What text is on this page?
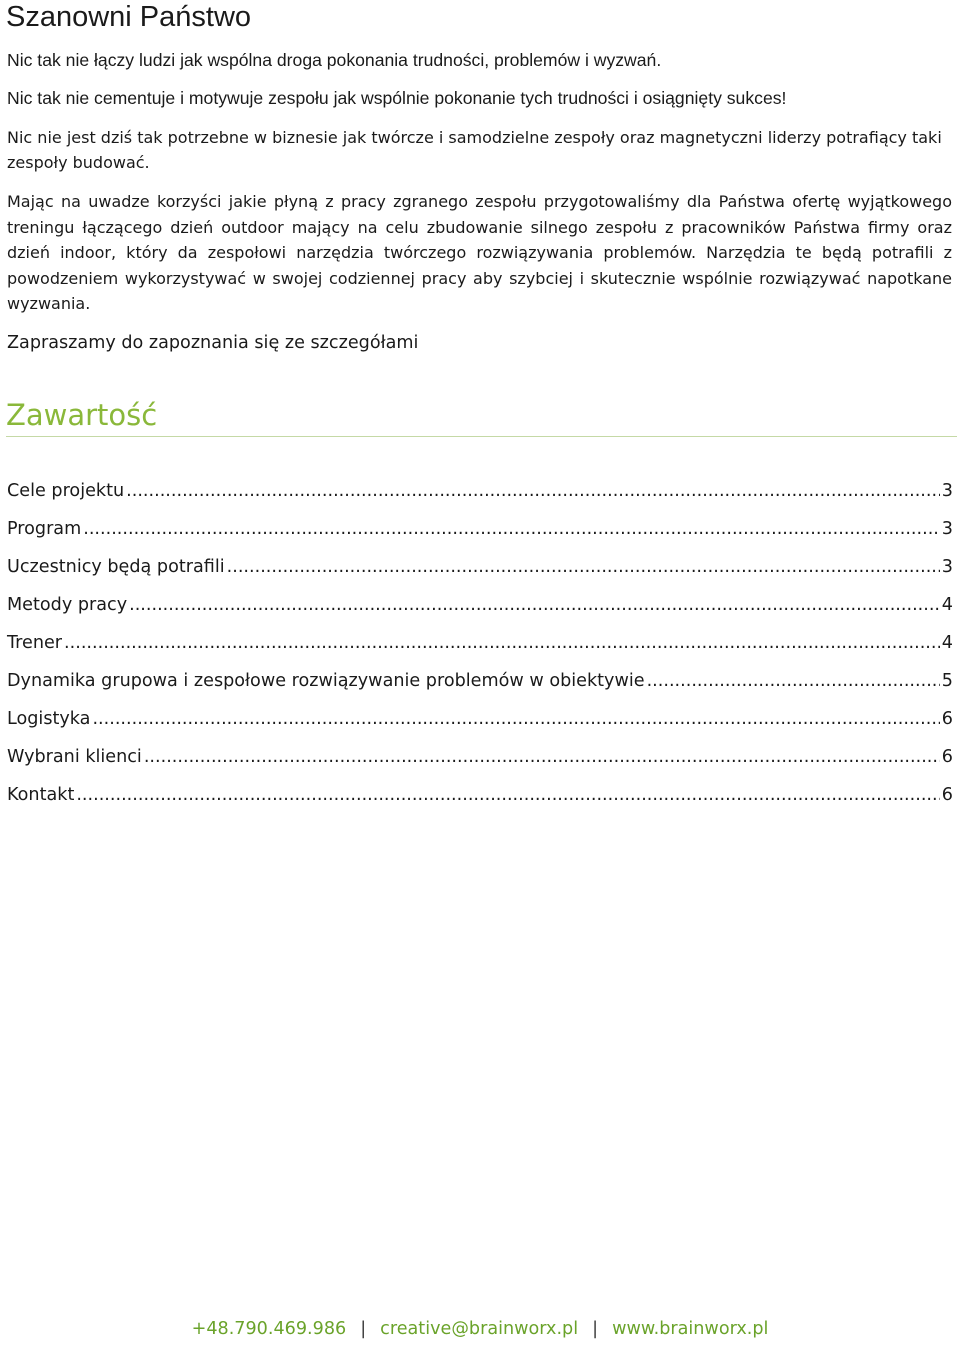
Szanowni Państwo

Nic tak nie łączy ludzi jak wspólna droga pokonania trudności, problemów i wyzwań.

Nic tak nie cementuje i motywuje zespołu jak wspólnie pokonanie tych trudności i osiągnięty sukces!

Nic nie jest dziś tak potrzebne w biznesie jak twórcze i samodzielne zespoły oraz magnetyczni liderzy potrafiący taki zespoły budować.

Mając na uwadze korzyści jakie płyną z pracy zgranego zespołu przygotowaliśmy dla Państwa ofertę wyjątkowego treningu łączącego dzień outdoor mający na celu zbudowanie silnego zespołu z pracowników Państwa firmy oraz dzień indoor, który da zespołowi narzędzia twórczego rozwiązywania problemów. Narzędzia te będą potrafili z powodzeniem wykorzystywać w swojej codziennej pracy aby szybciej i skutecznie wspólnie rozwiązywać napotkane wyzwania.

Zapraszamy do zapoznania się ze szczegółami

Zawartość
Cele projektu .....	3
Program .....	3
Uczestnicy będą potrafili .....	3
Metody pracy .....	4
Trener .....	4
Dynamika grupowa i zespołowe rozwiązywanie problemów w obiektywie .....	5
Logistyka .....	6
Wybrani klienci .....	6
Kontakt .....	6
+48.790.469.986 | creative@brainworx.pl | www.brainworx.pl
